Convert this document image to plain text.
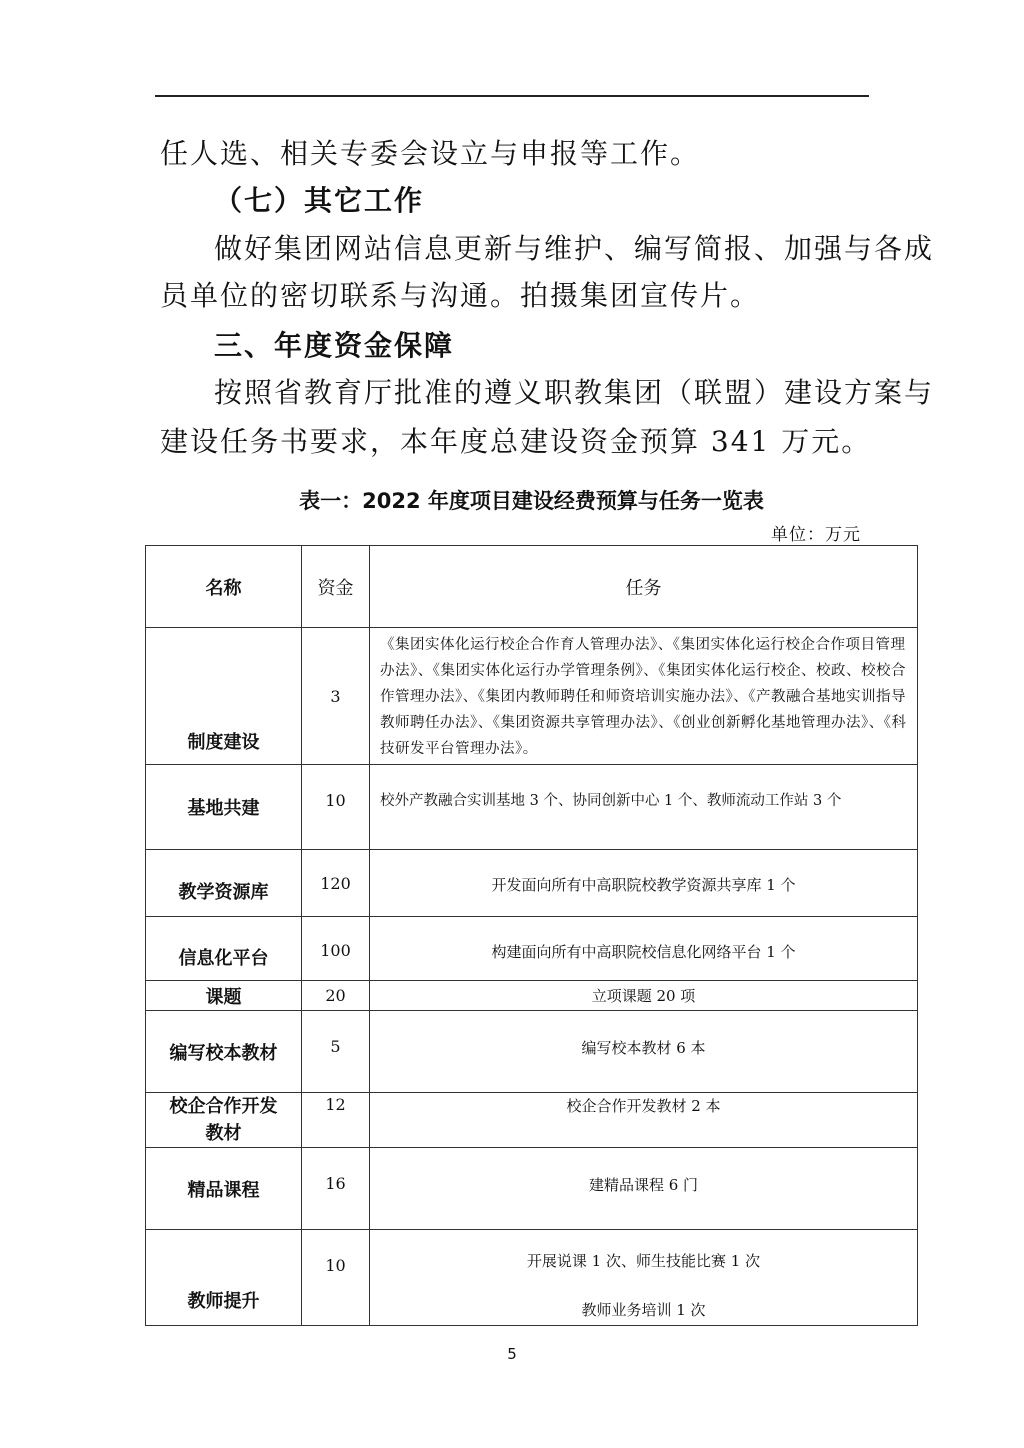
任人选、相关专委会设立与申报等工作。
（七）其它工作
做好集团网站信息更新与维护、编写简报、加强与各成
员单位的密切联系与沟通。拍摄集团宣传片。
三、年度资金保障
按照省教育厅批准的遵义职教集团（联盟）建设方案与
建设任务书要求，本年度总建设资金预算 341 万元。
表一：2022 年度项目建设经费预算与任务一览表
单位：万元
名称	资金	任务
制度建设	3	《集团实体化运行校企合作育人管理办法》、《集团实体化运行校企合作项目管理办法》、《集团实体化运行办学管理条例》、《集团实体化运行校企、校政、校校合作管理办法》、《集团内教师聘任和师资培训实施办法》、《产教融合基地实训指导教师聘任办法》、《集团资源共享管理办法》、《创业创新孵化基地管理办法》、《科技研发平台管理办法》。
基地共建	10	校外产教融合实训基地 3 个、协同创新中心 1 个、教师流动工作站 3 个
教学资源库	120	开发面向所有中高职院校教学资源共享库 1 个
信息化平台	100	构建面向所有中高职院校信息化网络平台 1 个
课题	20	立项课题 20 项
编写校本教材	5	编写校本教材 6 本
校企合作开发教材	12	校企合作开发教材 2 本
精品课程	16	建精品课程 6 门
教师提升	10	开展说课 1 次、师生技能比赛 1 次
教师业务培训 1 次
5
